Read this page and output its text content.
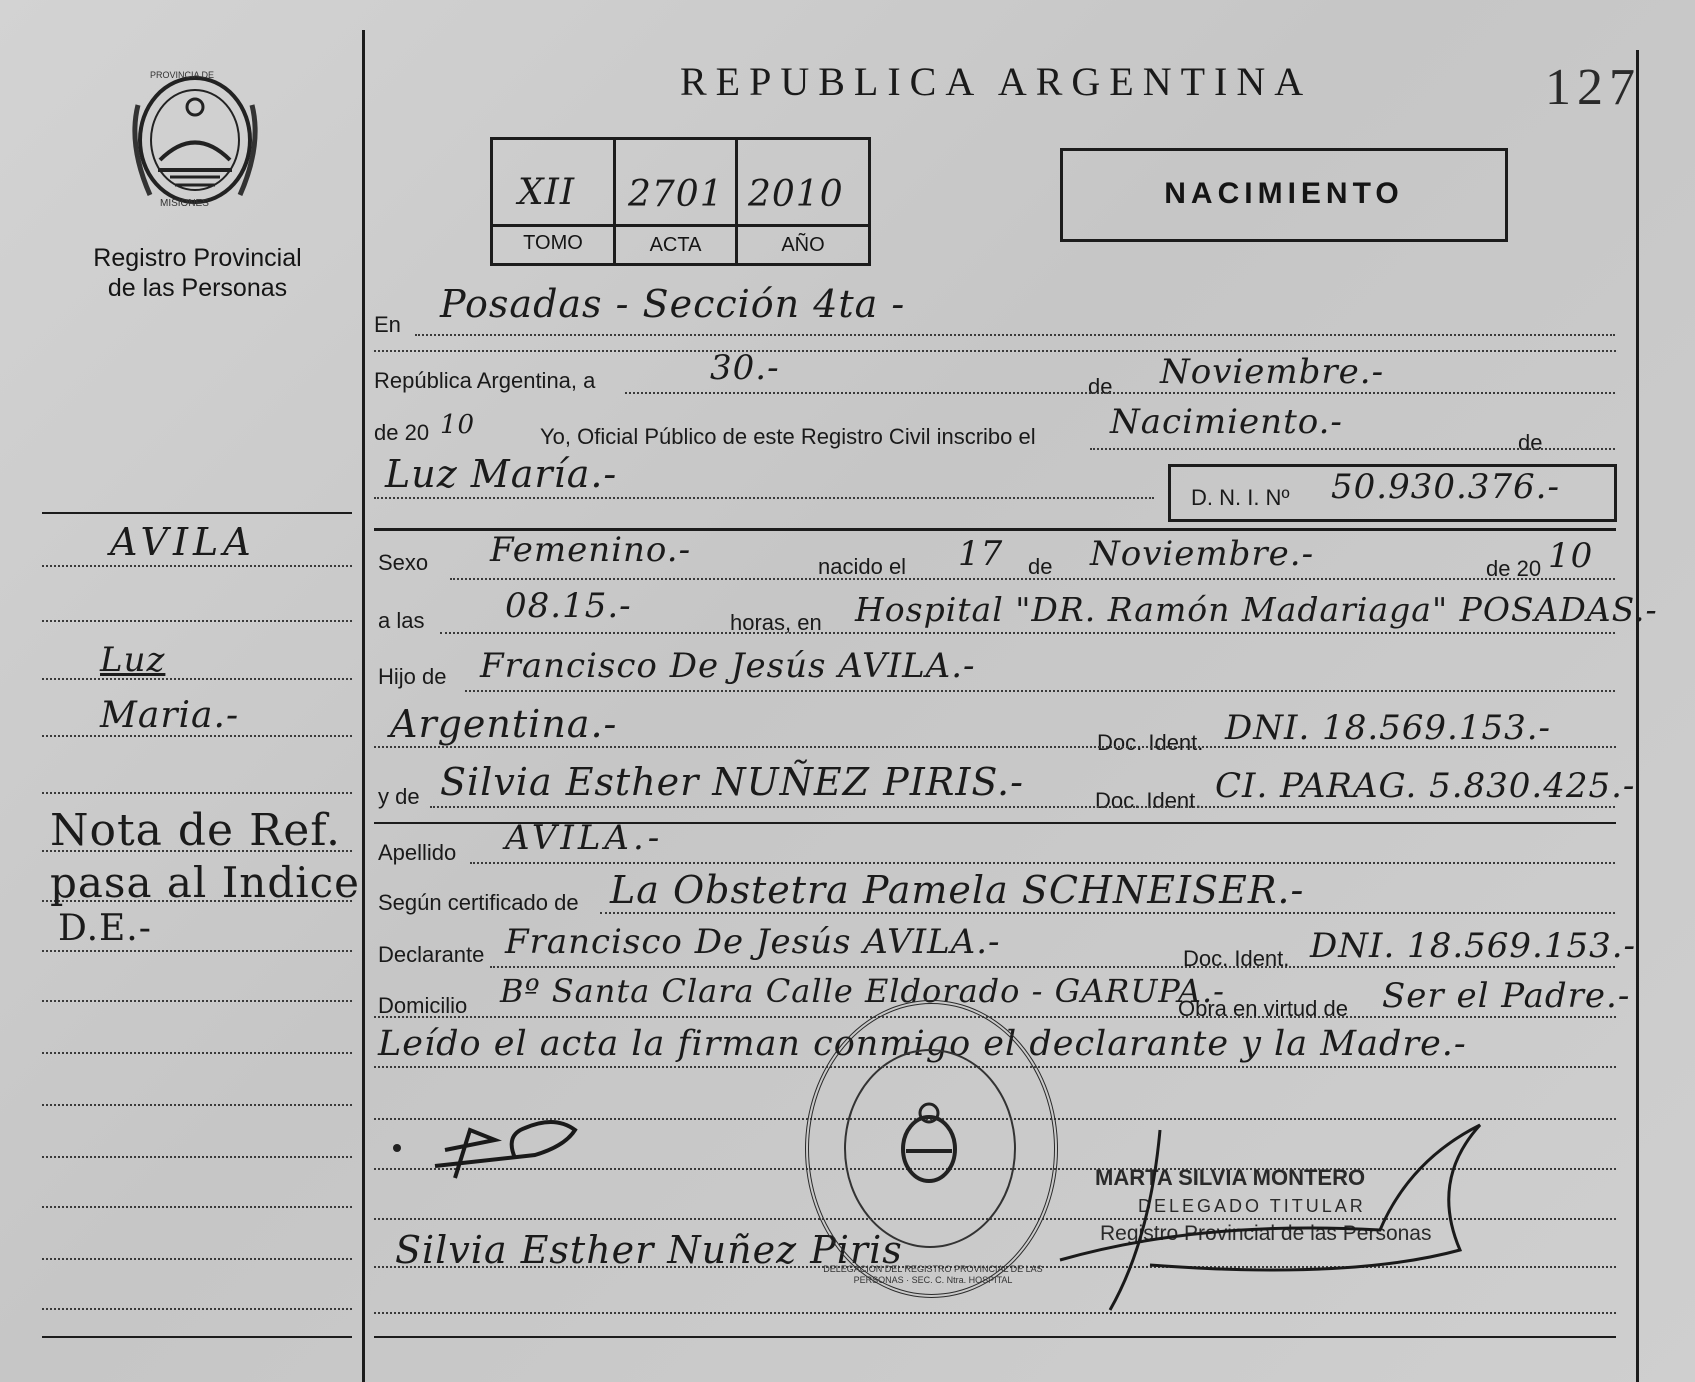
REPUBLICA ARGENTINA	127
PROVINCIA DE
MISIONES
Registro Provincial
de las Personas
AVILA
Luz
Maria.-
Nota de Ref.
pasa al Indice
D.E.-
XII 2701 2010
TOMO	ACTA	AÑO
NACIMIENTO
En Posadas - Sección 4ta -
República Argentina, a	30.-	de Noviembre.-
de 20 10	Yo, Oficial Público de este Registro Civil inscribo el Nacimiento.-
de
Luz María.-
D. N. I. Nº 50.930.376.-
Sexo Femenino.-	nacido el 17 de Noviembre.-	de 20 10
a las 08.15.-	horas, en Hospital "DR. Ramón Madariaga" POSADAS.-
Hijo de Francisco De Jesús AVILA.-
Argentina.-	Doc. Ident. DNI. 18.569.153.-
y de Silvia Esther NUÑEZ PIRIS.-	Doc. Ident. CI. PARAG. 5.830.425.-
Apellido AVILA.-
Según certificado de La Obstetra Pamela SCHNEISER.-
Declarante Francisco De Jesús AVILA.-	Doc. Ident. DNI. 18.569.153.-
Domicilio Bº Santa Clara Calle Eldorado - GARUPA.-
Obra en virtud de Ser el Padre.-
Leído el acta la firman conmigo el declarante y la Madre.-
Silvia Esther Nuñez Piris
DELEGACION DEL REGISTRO PROVINCIAL DE LAS PERSONAS · SEC. C. Ntra. HOSPITAL
MARTA SILVIA MONTERO
DELEGADO TITULAR
Registro Provincial de las Personas
